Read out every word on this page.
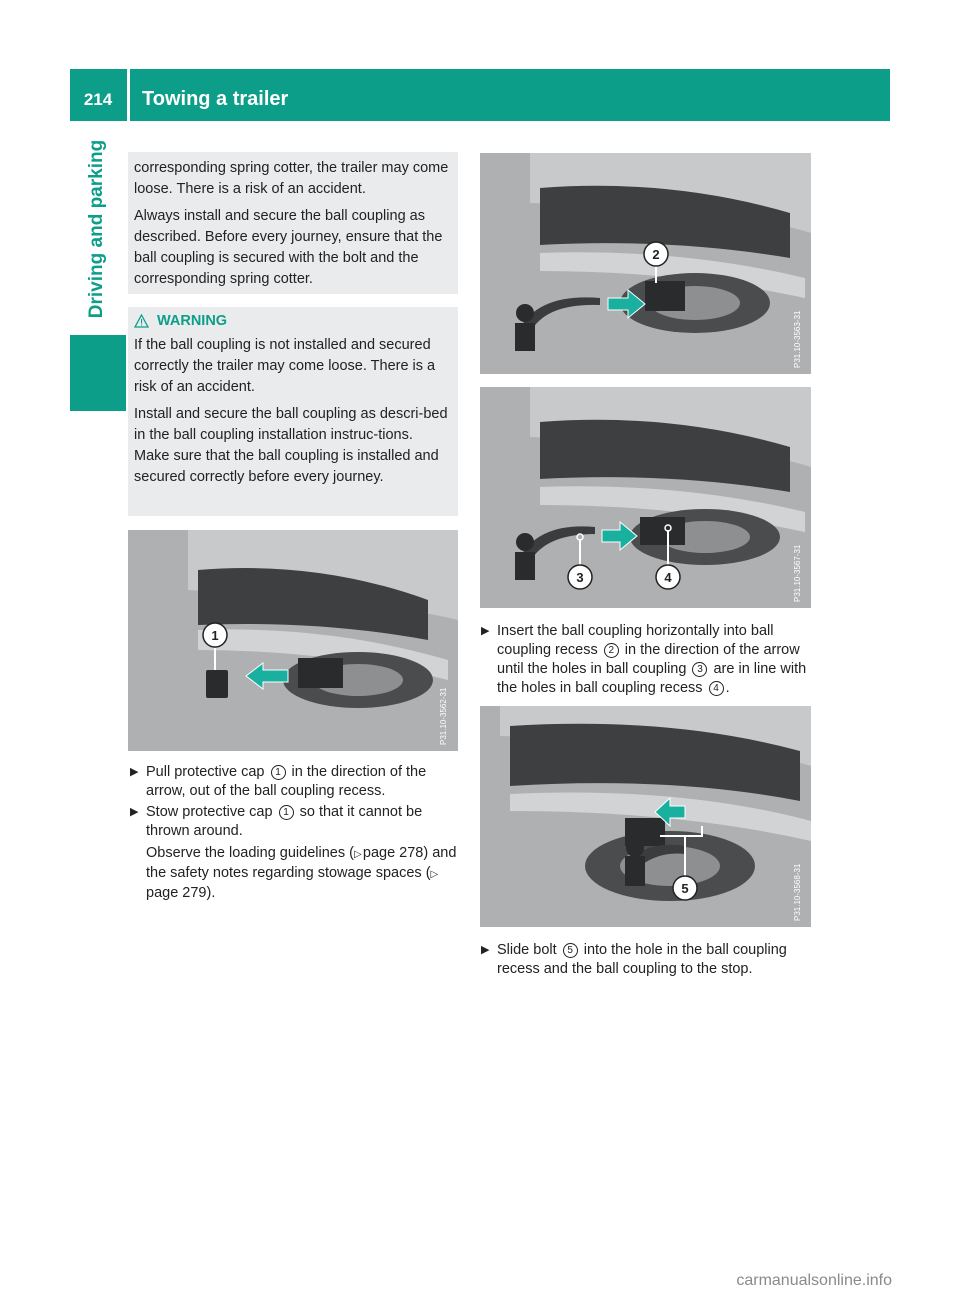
214	Towing a trailer
Driving and parking corresponding spring cotter, the trailer may come loose. There is a risk of an accident.

Always install and secure the ball coupling as described. Before every journey, ensure that the ball coupling is secured with the bolt and the corresponding spring cotter.

WARNING

If the ball coupling is not installed and secured correctly the trailer may come loose. There is a risk of an accident.

Install and secure the ball coupling as descri-bed in the ball coupling installation instruc-tions. Make sure that the ball coupling is installed and secured correctly before every journey.

1
P31.10-3562-31

▶ Pull protective cap 1 in the direction of the arrow, out of the ball coupling recess.

▶ Stow protective cap 1 so that it cannot be thrown around.

Observe the loading guidelines (▷ page 278) and the safety notes regarding stowage spaces (▷ page 279).

2
P31.10-3563-31
3	4	P31.10-3567-31

▶ Insert the ball coupling horizontally into ball coupling recess 2 in the direction of the arrow until the holes in ball coupling 3 are in line with the holes in ball coupling recess 4 .

5	P31.10-3568-31

▶ Slide bolt 5 into the hole in the ball coupling recess and the ball coupling to the stop.

carmanualsonline.info
